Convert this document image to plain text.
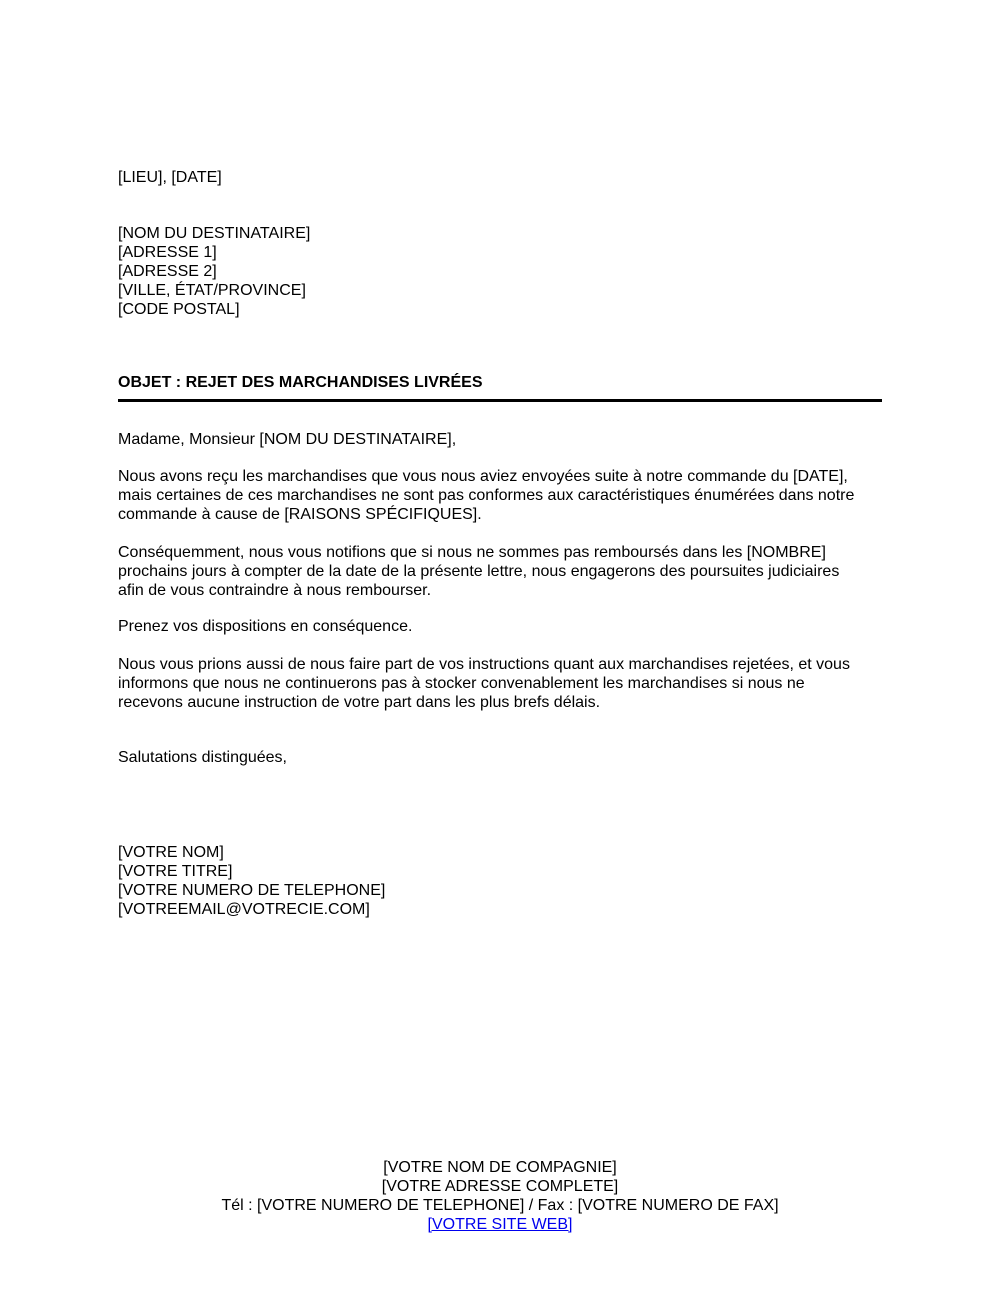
[LIEU], [DATE]
[NOM DU DESTINATAIRE]
[ADRESSE 1]
[ADRESSE 2]
[VILLE, ÉTAT/PROVINCE]
[CODE POSTAL]
OBJET : REJET DES MARCHANDISES LIVRÉES
Madame, Monsieur [NOM DU DESTINATAIRE],
Nous avons reçu les marchandises que vous nous aviez envoyées suite à notre commande du [DATE],
mais certaines de ces marchandises ne sont pas conformes aux caractéristiques énumérées dans notre
commande à cause de [RAISONS SPÉCIFIQUES].
Conséquemment, nous vous notifions que si nous ne sommes pas remboursés dans les [NOMBRE]
prochains jours à compter de la date de la présente lettre, nous engagerons des poursuites judiciaires
afin de vous contraindre à nous rembourser.
Prenez vos dispositions en conséquence.
Nous vous prions aussi de nous faire part de vos instructions quant aux marchandises rejetées, et vous
informons que nous ne continuerons pas à stocker convenablement les marchandises si nous ne
recevons aucune instruction de votre part dans les plus brefs délais.
Salutations distinguées,
[VOTRE NOM]
[VOTRE TITRE]
[VOTRE NUMERO DE TELEPHONE]
[VOTREEMAIL@VOTRECIE.COM]
[VOTRE NOM DE COMPAGNIE]
[VOTRE ADRESSE COMPLETE]
Tél : [VOTRE NUMERO DE TELEPHONE] / Fax : [VOTRE NUMERO DE FAX]
[VOTRE SITE WEB]
